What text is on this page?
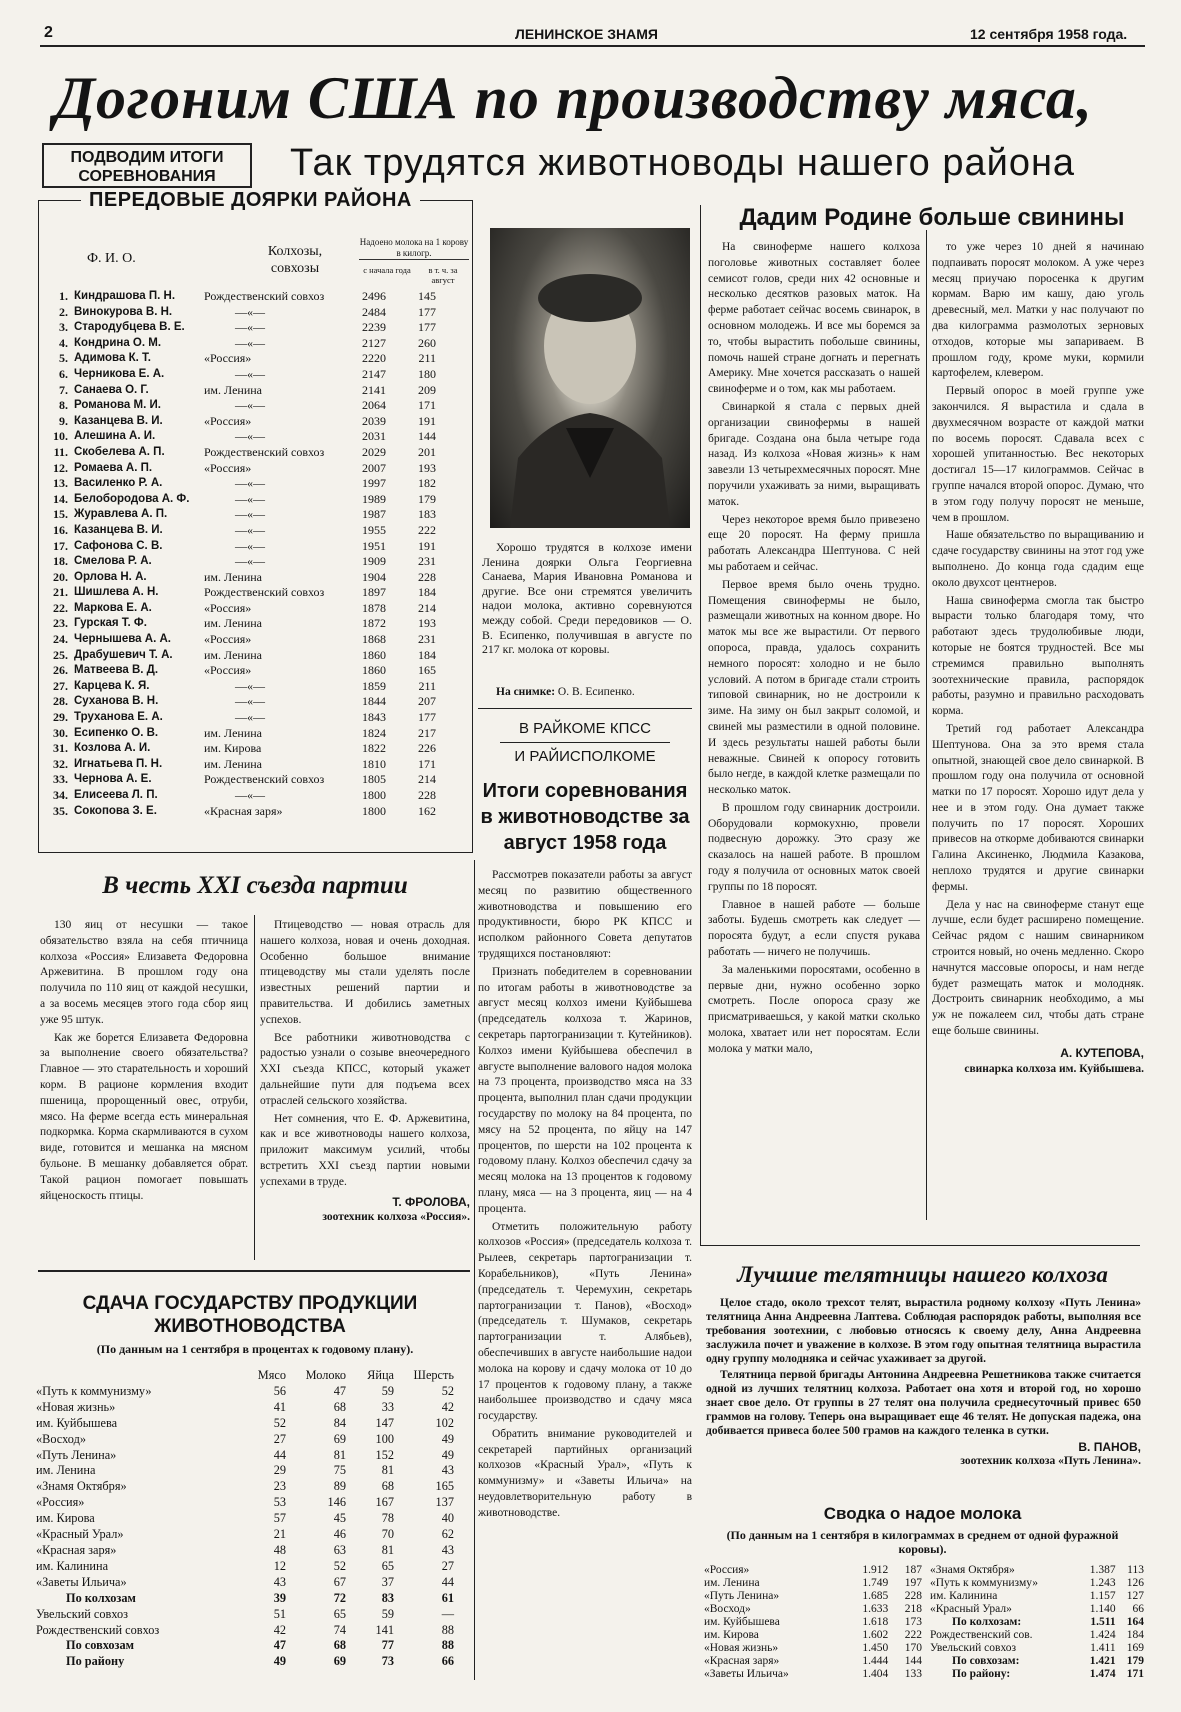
2	ЛЕНИНСКОЕ ЗНАМЯ	12 сентября 1958 года.
Догоним США по производству мяса,
ПОДВОДИМ ИТОГИ
СОРЕВНОВАНИЯ	Так трудятся животноводы нашего района
ПЕРЕДОВЫЕ ДОЯРКИ РАЙОНА
Ф. И. О.	Колхозы, совхозы
Надоено молока на 1 корову в килогр.
с начала года	в т. ч. за август
1.	Киндрашова П. Н.	Рождественский совхоз	2496	145
2.	Винокурова В. Н.	—«—	2484	177
3.	Стародубцева В. Е.	—«—	2239	177
4.	Кондрина О. М.	—«—	2127	260
5.	Адимова К. Т.	«Россия»	2220	211
6.	Черникова Е. А.	—«—	2147	180
7.	Санаева О. Г.	им. Ленина	2141	209
8.	Романова М. И.	—«—	2064	171
9.	Казанцева В. И.	«Россия»	2039	191
10.	Алешина А. И.	—«—	2031	144
11.	Скобелева А. П.	Рождественский совхоз	2029	201
12.	Ромаева А. П.	«Россия»	2007	193
13.	Василенко Р. А.	—«—	1997	182
14.	Белобородова А. Ф.	—«—	1989	179
15.	Журавлева А. П.	—«—	1987	183
16.	Казанцева В. И.	—«—	1955	222
17.	Сафонова С. В.	—«—	1951	191
18.	Смелова Р. А.	—«—	1909	231
20.	Орлова Н. А.	им. Ленина	1904	228
21.	Шишлева А. Н.	Рождественский совхоз	1897	184
22.	Маркова Е. А.	«Россия»	1878	214
23.	Гурская Т. Ф.	им. Ленина	1872	193
24.	Чернышева А. А.	«Россия»	1868	231
25.	Драбушевич Т. А.	им. Ленина	1860	184
26.	Матвеева В. Д.	«Россия»	1860	165
27.	Карцева К. Я.	—«—	1859	211
28.	Суханова В. Н.	—«—	1844	207
29.	Труханова Е. А.	—«—	1843	177
30.	Есипенко О. В.	им. Ленина	1824	217
31.	Козлова А. И.	им. Кирова	1822	226
32.	Игнатьева П. Н.	им. Ленина	1810	171
33.	Чернова А. Е.	Рождественский совхоз	1805	214
34.	Елисеева Л. П.	—«—	1800	228
35.	Сокопова З. Е.	«Красная заря»	1800	162
Хорошо трудятся в колхозе имени Ленина доярки Ольга Георгиевна Санаева, Мария Ивановна Романова и другие. Все они стремятся увеличить надои молока, активно соревнуются между собой. Среди передовиков — О. В. Есипенко, получившая в августе по 217 кг. молока от коровы.
На снимке: О. В. Есипенко.
В РАЙКОМЕ КПСС
И РАЙИСПОЛКОМЕ
Итоги соревнования в животноводстве за август 1958 года

Рассмотрев показатели работы за август месяц по развитию общественного животноводства и повышению его продуктивности, бюро РК КПСС и исполком районного Совета депутатов трудящихся постановляют:

Признать победителем в соревновании по итогам работы в животноводстве за август месяц колхоз имени Куйбышева (председатель колхоза т. Жаринов, секретарь партогранизации т. Кутейников). Колхоз имени Куйбышева обеспечил в августе выполнение валового надоя молока на 73 процента, производство мяса на 33 процента, выполнил план сдачи продукции государству по молоку на 84 процента, по мясу на 52 процента, по яйцу на 147 процентов, по шерсти на 102 процента к годовому плану. Колхоз обеспечил сдачу за месяц молока на 13 процентов к годовому плану, мяса — на 3 процента, яиц — на 4 процента.

Отметить положительную работу колхозов «Россия» (председатель колхоза т. Рылеев, секретарь партогранизации т. Корабельников), «Путь Ленина» (председатель т. Черемухин, секретарь партогранизации т. Панов), «Восход» (председатель т. Шумаков, секретарь партогранизации т. Алябьев), обеспечивших в августе наибольшие надои молока на корову и сдачу молока от 10 до 17 процентов к годовому плану, а также наибольшее производство и сдачу мяса государству.

Обратить внимание руководителей и секретарей партийных организаций колхозов «Красный Урал», «Путь к коммунизму» и «Заветы Ильича» на неудовлетворительную работу в животноводстве.

Дадим Родине больше свинины

На свиноферме нашего колхоза поголовье животных составляет более семисот голов, среди них 42 основные и несколько десятков разовых маток. На ферме работает сейчас восемь свинарок, в основном молодежь. И все мы боремся за то, чтобы вырастить побольше свинины, помочь нашей стране догнать и перегнать Америку. Мне хочется рассказать о нашей свиноферме и о том, как мы работаем.

Свинаркой я стала с первых дней организации свинофермы в нашей бригаде. Создана она была четыре года назад. Из колхоза «Новая жизнь» к нам завезли 13 четырехмесячных поросят. Мне поручили ухаживать за ними, выращивать маток.

Через некоторое время было привезено еще 20 поросят. На ферму пришла работать Александра Шептунова. С ней мы работаем и сейчас.

Первое время было очень трудно. Помещения свинофермы не было, размещали животных на конном дворе. Но маток мы все же вырастили. От первого опороса, правда, удалось сохранить немного поросят: холодно и не было условий. А потом в бригаде стали строить типовой свинарник, но не достроили к зиме. На зиму он был закрыт соломой, и свиней мы разместили в одной половине. И здесь результаты нашей работы были неважные. Свиней к опоросу готовить было негде, в каждой клетке размещали по несколько маток.

В прошлом году свинарник достроили. Оборудовали кормокухню, провели подвесную дорожку. Это сразу же сказалось на нашей работе. В прошлом году я получила от основных маток своей группы по 18 поросят.

Главное в нашей работе — больше заботы. Будешь смотреть как следует — поросята будут, а если спустя рукава работать — ничего не получишь.

За маленькими поросятами, особенно в первые дни, нужно особенно зорко смотреть. После опороса сразу же присматриваешься, у какой матки сколько молока, хватает или нет поросятам. Если молока у матки мало,

то уже через 10 дней я начинаю подпаивать поросят молоком. А уже через месяц приучаю поросенка к другим кормам. Варю им кашу, даю уголь древесный, мел. Матки у нас получают по два килограмма размолотых зерновых отходов, которые мы запариваем. В прошлом году, кроме муки, кормили картофелем, клевером.

Первый опорос в моей группе уже закончился. Я вырастила и сдала в двухмесячном возрасте от каждой матки по восемь поросят. Сдавала всех с хорошей упитанностью. Вес некоторых достигал 15—17 килограммов. Сейчас в группе начался второй опорос. Думаю, что в этом году получу поросят не меньше, чем в прошлом.

Наше обязательство по выращиванию и сдаче государству свинины на этот год уже выполнено. До конца года сдадим еще около двухсот центнеров.

Наша свиноферма смогла так быстро вырасти только благодаря тому, что работают здесь трудолюбивые люди, которые не боятся трудностей. Все мы стремимся правильно выполнять зоотехнические правила, распорядок работы, разумно и правильно расходовать корма.

Третий год работает Александра Шептунова. Она за это время стала опытной, знающей свое дело свинаркой. В прошлом году она получила от основной матки по 17 поросят. Хорошо идут дела у нее и в этом году. Она думает также получить по 17 поросят. Хороших привесов на откорме добиваются свинарки Галина Аксиненко, Людмила Казакова, неплохо трудятся и другие свинарки фермы.

Дела у нас на свиноферме станут еще лучше, если будет расширено помещение. Сейчас рядом с нашим свинарником строится новый, но очень медленно. Скоро начнутся массовые опоросы, и нам негде будет размещать маток и молодняк. Достроить свинарник необходимо, а мы уж не пожалеем сил, чтобы дать стране еще больше свинины.

А. КУТЕПОВА,
свинарка колхоза им. Куйбышева.
В честь XXI съезда партии

130 яиц от несушки — такое обязательство взяла на себя птичница колхоза «Россия» Елизавета Федоровна Аржевитина. В прошлом году она получила по 110 яиц от каждой несушки, а за восемь месяцев этого года сбор яиц уже 95 штук.

Как же борется Елизавета Федоровна за выполнение своего обязательства? Главное — это старательность и хороший корм. В рационе кормления входит пшеница, пророщенный овес, отруби, мясо. На ферме всегда есть минеральная подкормка. Корма скармливаются в сухом виде, готовится и мешанка на мясном бульоне. В мешанку добавляется обрат. Такой рацион помогает повышать яйценоскость птицы.

Птицеводство — новая отрасль для нашего колхоза, новая и очень доходная. Особенно большое внимание птицеводству мы стали уделять после известных решений партии и правительства. И добились заметных успехов.

Все работники животноводства с радостью узнали о созыве внеочередного XXI съезда КПСС, который укажет дальнейшие пути для подъема всех отраслей сельского хозяйства.

Нет сомнения, что Е. Ф. Аржевитина, как и все животноводы нашего колхоза, приложит максимум усилий, чтобы встретить XXI съезд партии новыми успехами в труде.

Т. ФРОЛОВА,
зоотехник колхоза «Россия».
СДАЧА ГОСУДАРСТВУ ПРОДУКЦИИ ЖИВОТНОВОДСТВА
(По данным на 1 сентября в процентах к годовому плану).
	Мясо	Молоко	Яйца	Шерсть
«Путь к коммунизму»	56	47	59	52
«Новая жизнь»	41	68	33	42
им. Куйбышева	52	84	147	102
«Восход»	27	69	100	49
«Путь Ленина»	44	81	152	49
им. Ленина	29	75	81	43
«Знамя Октября»	23	89	68	165
«Россия»	53	146	167	137
им. Кирова	57	45	78	40
«Красный Урал»	21	46	70	62
«Красная заря»	48	63	81	43
им. Калинина	12	52	65	27
«Заветы Ильича»	43	67	37	44
По колхозам	39	72	83	61
Увельский совхоз	51	65	59	—
Рождественский совхоз	42	74	141	88
По совхозам	47	68	77	88
По району	49	69	73	66
Лучшие телятницы нашего колхоза

Целое стадо, около трехсот телят, вырастила родному колхозу «Путь Ленина» телятница Анна Андреевна Лаптева. Соблюдая распорядок работы, выполняя все требования зоотехнии, с любовью относясь к своему делу, Анна Андреевна заслужила почет и уважение в колхозе. В этом году опытная телятница вырастила одну группу молодняка и сейчас ухаживает за другой.

Телятница первой бригады Антонина Андреевна Решетникова также считается одной из лучших телятниц колхоза. Работает она хотя и второй год, но хорошо знает свое дело. От группы в 27 телят она получила среднесуточный привес 650 граммов на голову. Теперь она выращивает еще 46 телят. Не допуская падежа, она добивается привеса более 500 грамов на каждого теленка в сутки.

В. ПАНОВ,
зоотехник колхоза «Путь Ленина».
Сводка о надое молока
(По данным на 1 сентября в килограммах в среднем от одной фуражной коровы).
«Россия»	1.912	187
им. Ленина	1.749	197
«Путь Ленина»	1.685	228
«Восход»	1.633	218
им. Куйбышева	1.618	173
им. Кирова	1.602	222
«Новая жизнь»	1.450	170
«Красная заря»	1.444	144
«Заветы Ильича»	1.404	133
«Знамя Октября»	1.387	113
«Путь к коммунизму»	1.243	126
им. Калинина	1.157	127
«Красный Урал»	1.140	66
По колхозам:	1.511	164
Рождественский сов.	1.424	184
Увельский совхоз	1.411	169
По совхозам:	1.421	179
По району:	1.474	171
